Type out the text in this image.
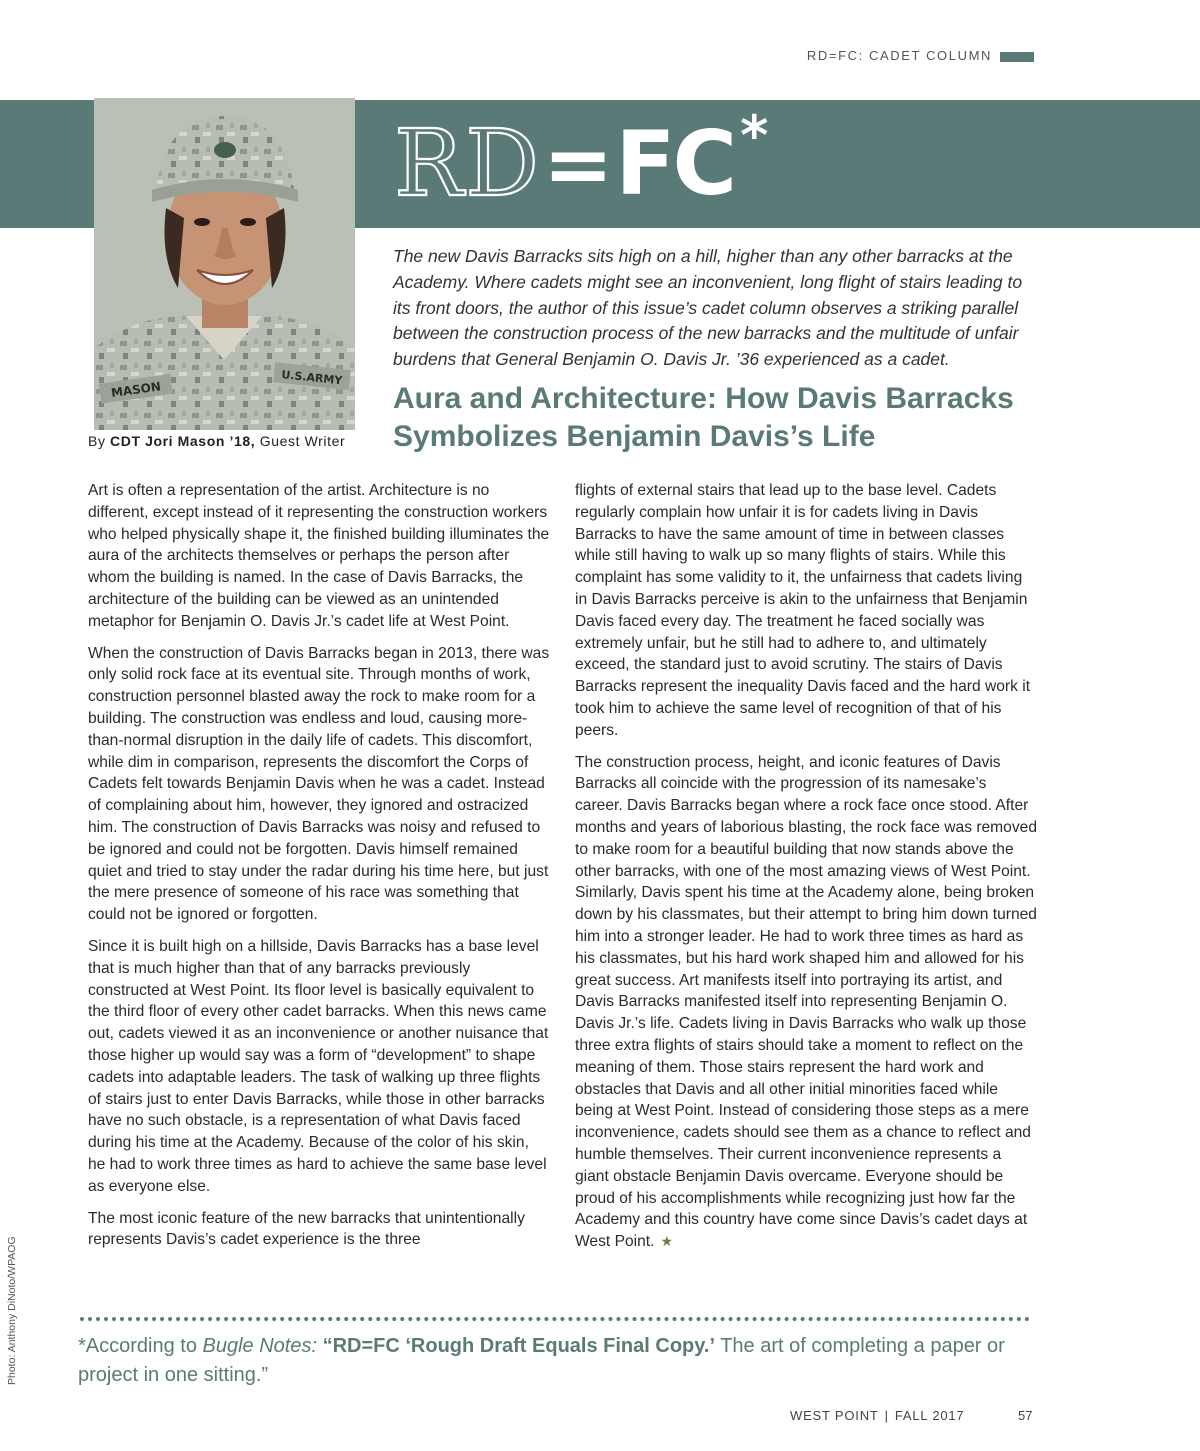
RD=FC: CADET COLUMN
RD = FC *
MASON
U.S.ARMY
By CDT Jori Mason ’18, Guest Writer
The new Davis Barracks sits high on a hill, higher than any other barracks at the Academy. Where cadets might see an inconvenient, long flight of stairs leading to its front doors, the author of this issue’s cadet column observes a striking parallel between the construction process of the new barracks and the multitude of unfair burdens that General Benjamin O. Davis Jr. ’36 experienced as a cadet.
Aura and Architecture: How Davis Barracks Symbolizes Benjamin Davis’s Life

Art is often a representation of the artist. Architecture is no different, except instead of it representing the construction workers who helped physically shape it, the finished building illuminates the aura of the architects themselves or perhaps the person after whom the building is named. In the case of Davis Barracks, the architecture of the building can be viewed as an unintended metaphor for Benjamin O. Davis Jr.’s cadet life at West Point.

When the construction of Davis Barracks began in 2013, there was only solid rock face at its eventual site. Through months of work, construction personnel blasted away the rock to make room for a building. The construction was endless and loud, causing more-than-normal disruption in the daily life of cadets. This discomfort, while dim in comparison, represents the discomfort the Corps of Cadets felt towards Benjamin Davis when he was a cadet. Instead of complaining about him, however, they ignored and ostracized him. The construction of Davis Barracks was noisy and refused to be ignored and could not be forgotten. Davis himself remained quiet and tried to stay under the radar during his time here, but just the mere presence of someone of his race was something that could not be ignored or forgotten.

Since it is built high on a hillside, Davis Barracks has a base level that is much higher than that of any barracks previously constructed at West Point. Its floor level is basically equivalent to the third floor of every other cadet barracks. When this news came out, cadets viewed it as an inconvenience or another nuisance that those higher up would say was a form of “development” to shape cadets into adaptable leaders. The task of walking up three flights of stairs just to enter Davis Barracks, while those in other barracks have no such obstacle, is a representation of what Davis faced during his time at the Academy. Because of the color of his skin, he had to work three times as hard to achieve the same base level as everyone else.

The most iconic feature of the new barracks that unintentionally represents Davis’s cadet experience is the three

flights of external stairs that lead up to the base level. Cadets regularly complain how unfair it is for cadets living in Davis Barracks to have the same amount of time in between classes while still having to walk up so many flights of stairs. While this complaint has some validity to it, the unfairness that cadets living in Davis Barracks perceive is akin to the unfairness that Benjamin Davis faced every day. The treatment he faced socially was extremely unfair, but he still had to adhere to, and ultimately exceed, the standard just to avoid scrutiny. The stairs of Davis Barracks represent the inequality Davis faced and the hard work it took him to achieve the same level of recognition of that of his peers.

The construction process, height, and iconic features of Davis Barracks all coincide with the progression of its namesake’s career. Davis Barracks began where a rock face once stood. After months and years of laborious blasting, the rock face was removed to make room for a beautiful building that now stands above the other barracks, with one of the most amazing views of West Point. Similarly, Davis spent his time at the Academy alone, being broken down by his classmates, but their attempt to bring him down turned him into a stronger leader. He had to work three times as hard as his classmates, but his hard work shaped him and allowed for his great success. Art manifests itself into portraying its artist, and Davis Barracks manifested itself into representing Benjamin O. Davis Jr.’s life. Cadets living in Davis Barracks who walk up those three extra flights of stairs should take a moment to reflect on the meaning of them. Those stairs represent the hard work and obstacles that Davis and all other initial minorities faced while being at West Point. Instead of considering those steps as a mere inconvenience, cadets should see them as a chance to reflect and humble themselves. Their current inconvenience represents a giant obstacle Benjamin Davis overcame. Everyone should be proud of his accomplishments while recognizing just how far the Academy and this country have come since Davis’s cadet days at West Point. ★

*According to Bugle Notes: “RD=FC ‘Rough Draft Equals Final Copy.’ The art of completing a paper or project in one sitting.”
Photo: Anthony DiNoto/WPAOG
WEST POINT | FALL 2017	57
